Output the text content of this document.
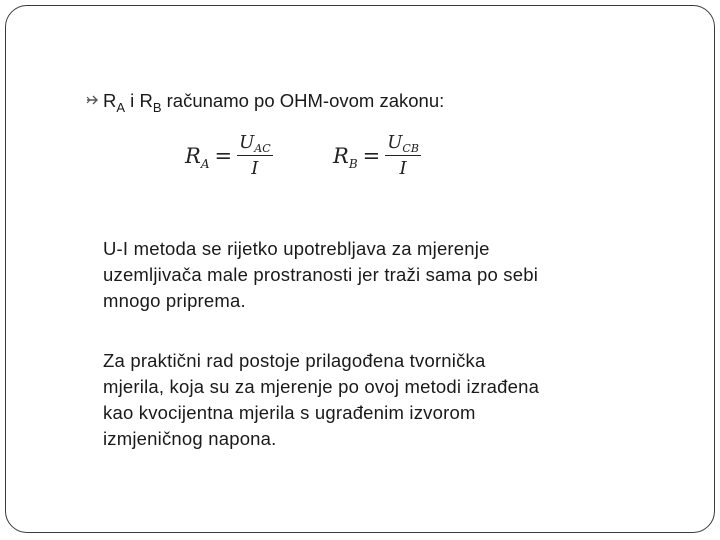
$R_A$ i $R_B$ računamo po OHM-ovom zakonu:
$R_A = \frac{U_{AC}}{I}$	$R_B = \frac{U_{CB}}{I}$
U-I metoda se rijetko upotrebljava za mjerenje
uzemljivača male prostranosti jer traži sama po sebi
mnogo priprema.
Za praktični rad postoje prilagođena tvornička
mjerila, koja su za mjerenje po ovoj metodi izrađena
kao kvocijentna mjerila s ugrađenim izvorom
izmjeničnog napona.
